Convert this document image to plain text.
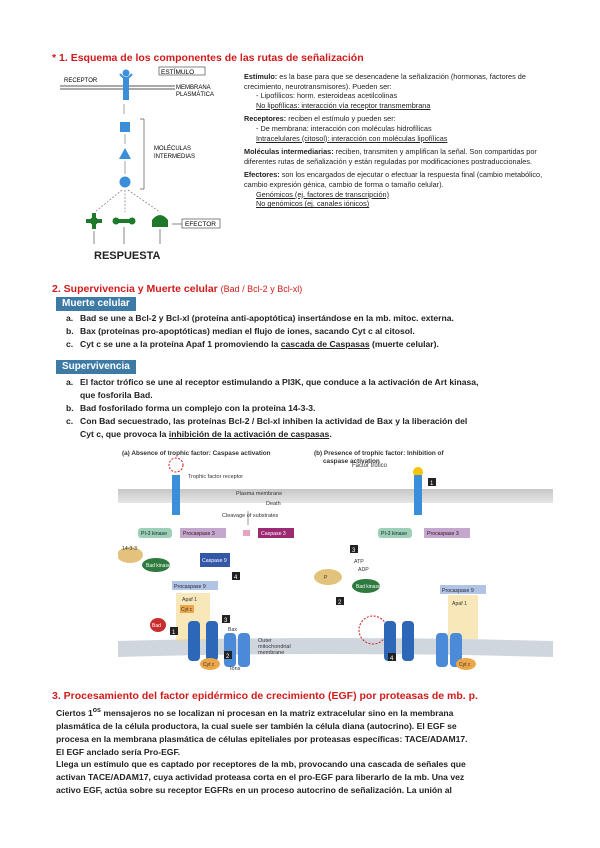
* 1. Esquema de los componentes de las rutas de señalización
ESTÍMULO
RECEPTOR
MEMBRANA
PLASMÁTICA
MOLÉCULAS
INTERMEDIAS
EFECTOR
RESPUESTA
Estímulo: es la base para que se desencadene la señalización (hormonas, factores de crecimiento, neurotransmisores). Pueden ser:
- Lipofílicos: horm. esteroideas acetilcolinas
No lipofílicas: interacción vía receptor transmembrana
Receptores: reciben el estímulo y pueden ser:
- De membrana: interacción con moléculas hidrofílicas
Intracelulares (citosol): interacción con moléculas lipofílicas
Moléculas intermediarias: reciben, transmiten y amplifican la señal. Son compartidas por diferentes rutas de señalización y están reguladas por modificaciones postraduccionales.
Efectores: son los encargados de ejecutar o efectuar la respuesta final (cambio metabólico, cambio expresión génica, cambio de forma o tamaño celular).
Genómicos (ej. factores de transcripción)
No genómicos (ej. canales iónicos)
2. Supervivencia y Muerte celular (Bad / Bcl-2 y Bcl-xl)
Muerte celular
a. Bad se une a Bcl-2 y Bcl-xl (proteína anti-apoptótica) insertándose en la mb. mitoc. externa.
b. Bax (proteínas pro-apoptóticas) median el flujo de iones, sacando Cyt c al citosol.
c. Cyt c se une a la proteína Apaf 1 promoviendo la cascada de Caspasas (muerte celular).
Supervivencia
a. El factor trófico se une al receptor estimulando a PI3K, que conduce a la activación de Art kinasa,
que fosforila Bad.
b. Bad fosforilado forma un complejo con la proteína 14-3-3.
c. Con Bad secuestrado, las proteínas Bcl-2 / Bcl-xl inhiben la actividad de Bax y la liberación del
Cyt c, que provoca la inhibición de la activación de caspasas.
(a) Absence of trophic factor: Caspase activation	(b) Presence of trophic factor: Inhibition of
caspase activation
Plasma membrane
Death
Outer
mitochondrial
membrane
Trophic factor receptor
Factor trófico
PI-3 kinase	Procaspase 3	Caspase 3
Cleavage of substrates
14-3-3
Bad kinase
Caspase 9
4
Procaspase 9
Apaf 1
Cyt c
Bad
1
3
Bax
Cyt c
2
Ions
PI-3 kinase	Procaspase 3
1
ATP
ADP
P
Bad kinase
3
2
Procaspase 9
Apaf 1
4
Cyt c
3. Procesamiento del factor epidérmico de crecimiento (EGF) por proteasas de mb. p.
Ciertos $1^{os}$ mensajeros no se localizan ni procesan en la matriz extracelular sino en la membrana
plasmática de la célula productora, la cual suele ser también la célula diana (autocrino). El EGF se
procesa en la membrana plasmática de células epiteliales por proteasas específicas: TACE/ADAM17.
El EGF anclado sería Pro-EGF.
Llega un estímulo que es captado por receptores de la mb, provocando una cascada de señales que
activan TACE/ADAM17, cuya actividad proteasa corta en el pro-EGF para liberarlo de la mb. Una vez
activo EGF, actúa sobre su receptor EGFRs en un proceso autocrino de señalización. La unión al
